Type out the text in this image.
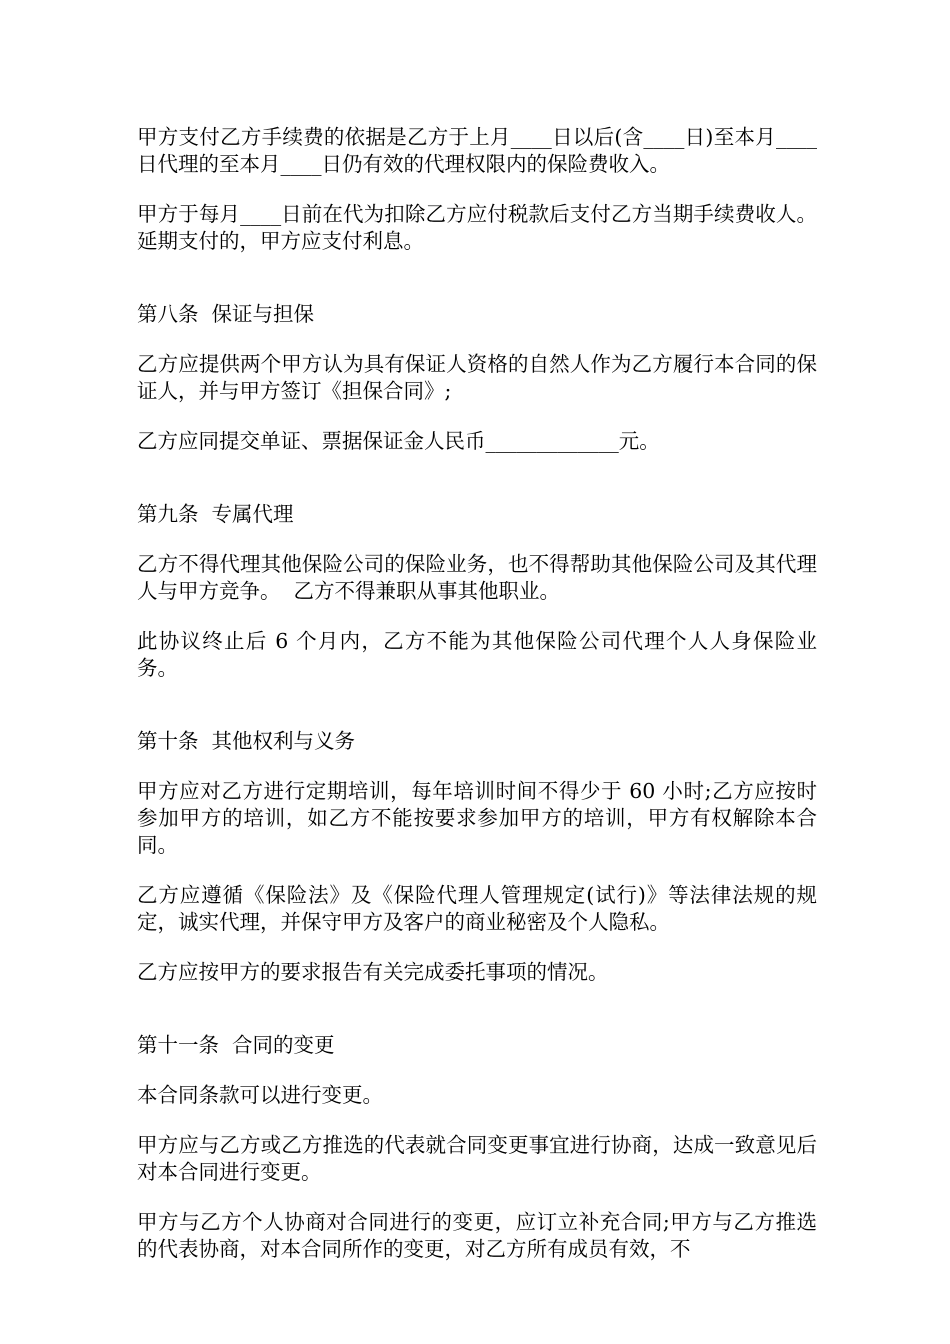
甲方支付乙方手续费的依据是乙方于上月____日以后(含____日)至本月____日代理的至本月____日仍有效的代理权限内的保险费收入。

甲方于每月____日前在代为扣除乙方应付税款后支付乙方当期手续费收人。延期支付的，甲方应支付利息。

第八条  保证与担保

乙方应提供两个甲方认为具有保证人资格的自然人作为乙方履行本合同的保证人，并与甲方签订《担保合同》;

乙方应同提交单证、票据保证金人民币_____________元。

第九条  专属代理

乙方不得代理其他保险公司的保险业务，也不得帮助其他保险公司及其代理人与甲方竞争。  乙方不得兼职从事其他职业。

此协议终止后 6 个月内，乙方不能为其他保险公司代理个人人身保险业务。

第十条  其他权利与义务

甲方应对乙方进行定期培训，每年培训时间不得少于 60 小时;乙方应按时参加甲方的培训，如乙方不能按要求参加甲方的培训，甲方有权解除本合同。

乙方应遵循《保险法》及《保险代理人管理规定(试行)》等法律法规的规定，诚实代理，并保守甲方及客户的商业秘密及个人隐私。

乙方应按甲方的要求报告有关完成委托事项的情况。

第十一条  合同的变更

本合同条款可以进行变更。

甲方应与乙方或乙方推选的代表就合同变更事宜进行协商，达成一致意见后对本合同进行变更。

甲方与乙方个人协商对合同进行的变更，应订立补充合同;甲方与乙方推选的代表协商，对本合同所作的变更，对乙方所有成员有效，不
